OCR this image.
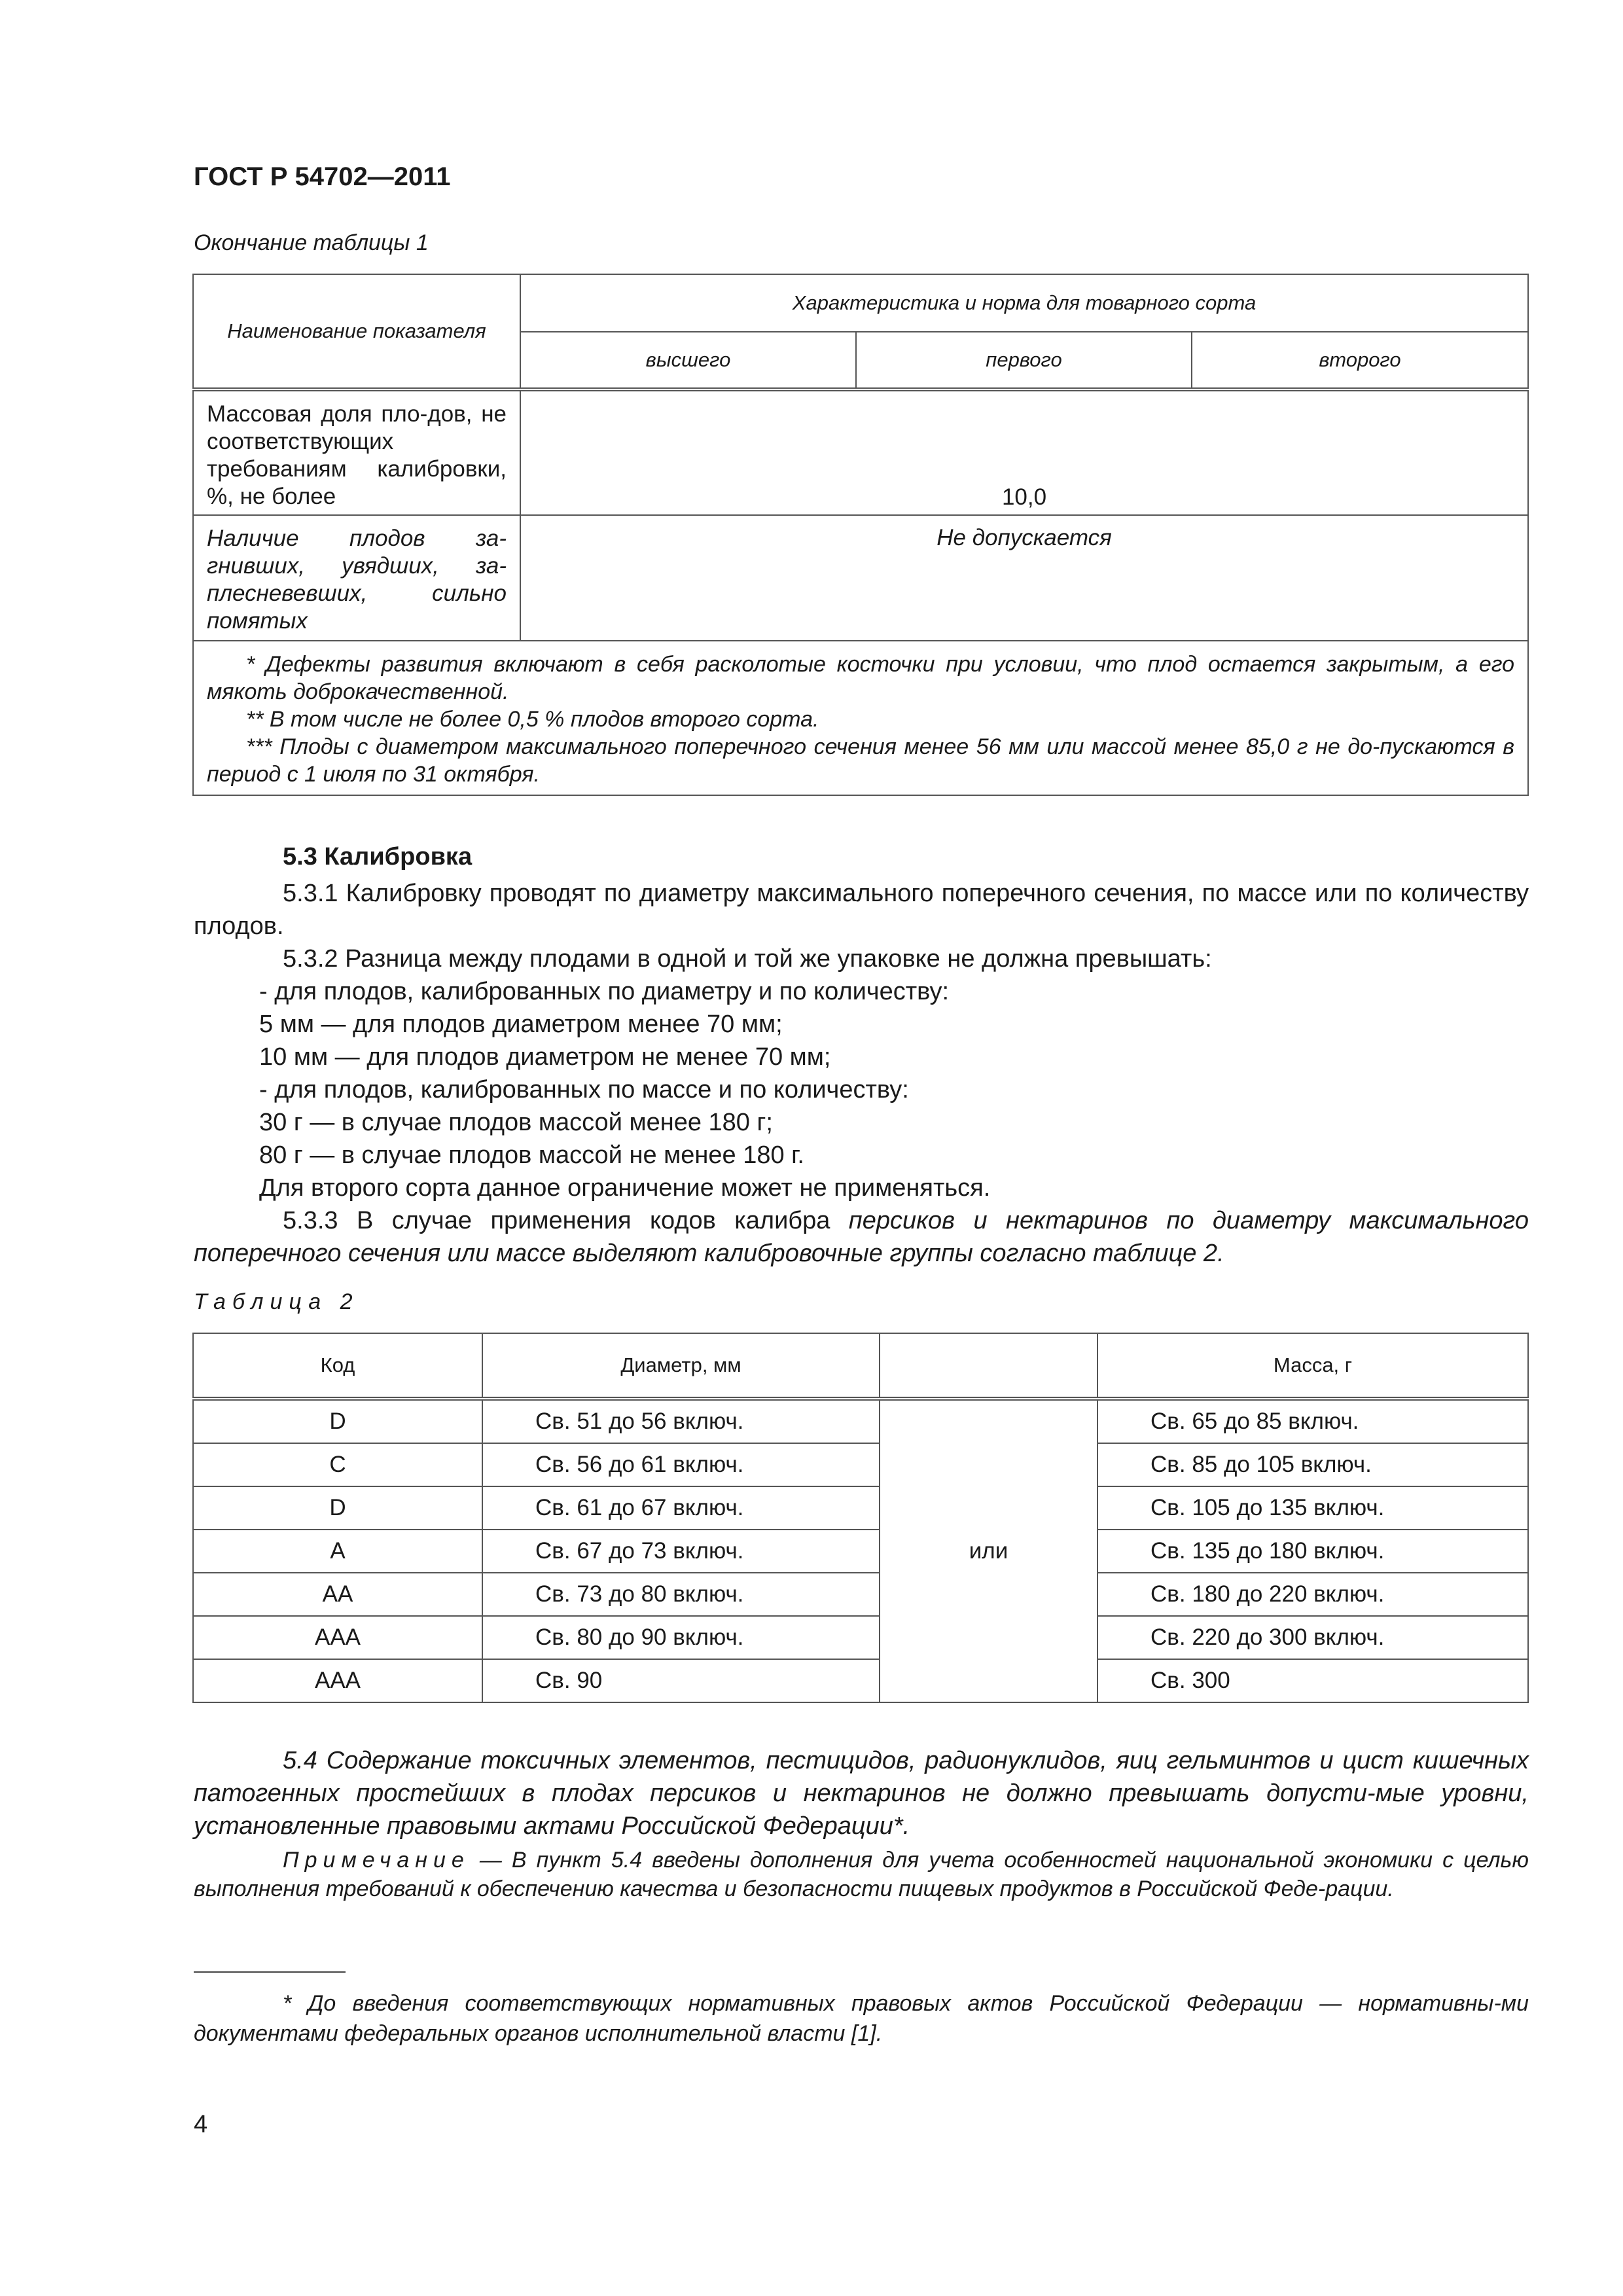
ГОСТ Р 54702—2011
Окончание таблицы 1
Наименование показателя	Характеристика и норма для товарного сорта		
	высшего	первого	второго
Массовая доля пло-дов, не соответствующих требованиям калибровки, %, не более	10,0		
Наличие плодов за-гнивших, увядших, за-плесневевших, сильно помятых	Не допускается		

* Дефекты развития включают в себя расколотые косточки при условии, что плод остается закрытым, а его мякоть доброкачественной.

** В том числе не более 0,5 % плодов второго сорта.

*** Плоды с диаметром максимального поперечного сечения менее 56 мм или массой менее 85,0 г не до-пускаются в период с 1 июля по 31 октября.			

5.3 Калибровка

5.3.1 Калибровку проводят по диаметру максимального поперечного сечения, по массе или по количеству плодов.

5.3.2 Разница между плодами в одной и той же упаковке не должна превышать:

- для плодов, калиброванных по диаметру и по количеству:

5 мм — для плодов диаметром менее 70 мм;

10 мм — для плодов диаметром не менее 70 мм;

- для плодов, калиброванных по массе и по количеству:

30 г — в случае плодов массой менее 180 г;

80 г — в случае плодов массой не менее 180 г.

Для второго сорта данное ограничение может не применяться.

5.3.3 В случае применения кодов калибра персиков и нектаринов по диаметру максимального поперечного сечения или массе выделяют калибровочные группы согласно таблице 2.

Таблица 2
Код	Диаметр, мм		Масса, г
D	Св. 51 до 56 включ.	или	Св. 65 до 85 включ.
C	Св. 56 до 61 включ.		Св. 85 до 105 включ.
D	Св. 61 до 67 включ.		Св. 105 до 135 включ.
A	Св. 67 до 73 включ.		Св. 135 до 180 включ.
AA	Св. 73 до 80 включ.		Св. 180 до 220 включ.
AAA	Св. 80 до 90 включ.		Св. 220 до 300 включ.
AAA	Св. 90		Св. 300

5.4 Содержание токсичных элементов, пестицидов, радионуклидов, яиц гельминтов и цист кишечных патогенных простейших в плодах персиков и нектаринов не должно превышать допусти-мые уровни, установленные правовыми актами Российской Федерации*.

Примечание — В пункт 5.4 введены дополнения для учета особенностей национальной экономики с целью выполнения требований к обеспечению качества и безопасности пищевых продуктов в Российской Феде-рации.

* До введения соответствующих нормативных правовых актов Российской Федерации — нормативны-ми документами федеральных органов исполнительной власти [1].

4
